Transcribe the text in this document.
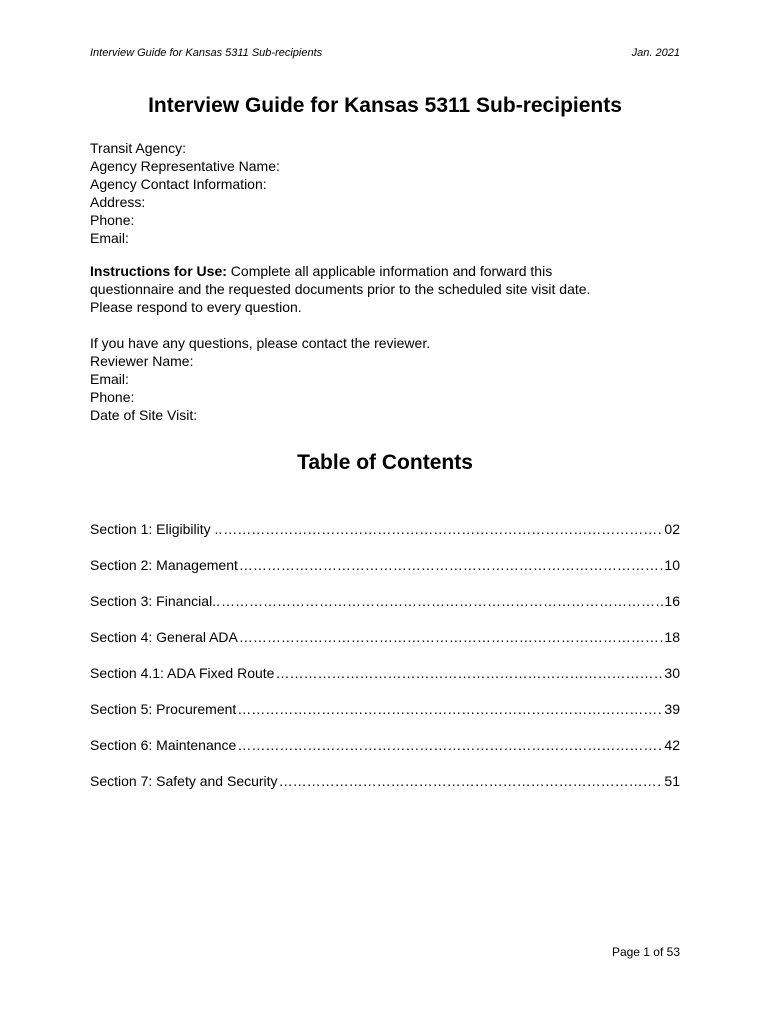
Interview Guide for Kansas 5311 Sub-recipients	Jan. 2021
Interview Guide for Kansas 5311 Sub-recipients
Transit Agency:
Agency Representative Name:
Agency Contact Information:
Address:
Phone:
Email:
Instructions for Use: Complete all applicable information and forward this
questionnaire and the requested documents prior to the scheduled site visit date.
Please respond to every question.
If you have any questions, please contact the reviewer.
Reviewer Name:
Email:
Phone:
Date of Site Visit:
Table of Contents
Section 1: Eligibility .. …………………………………………………………………………………………………………………………………………………………………………………………………………	02
Section 2: Management …………………………………………………………………………………………………………………………………………………………………………………………………………	10
Section 3: Financial.. …………………………………………………………………………………………………………………………………………………………………………………………………………	16
Section 4: General ADA …………………………………………………………………………………………………………………………………………………………………………………………………………	18
Section 4.1: ADA Fixed Route …………………………………………………………………………………………………………………………………………………………………………………………………………	30
Section 5: Procurement …………………………………………………………………………………………………………………………………………………………………………………………………………	39
Section 6: Maintenance …………………………………………………………………………………………………………………………………………………………………………………………………………	42
Section 7: Safety and Security …………………………………………………………………………………………………………………………………………………………………………………………………………	51
Page 1 of 53
